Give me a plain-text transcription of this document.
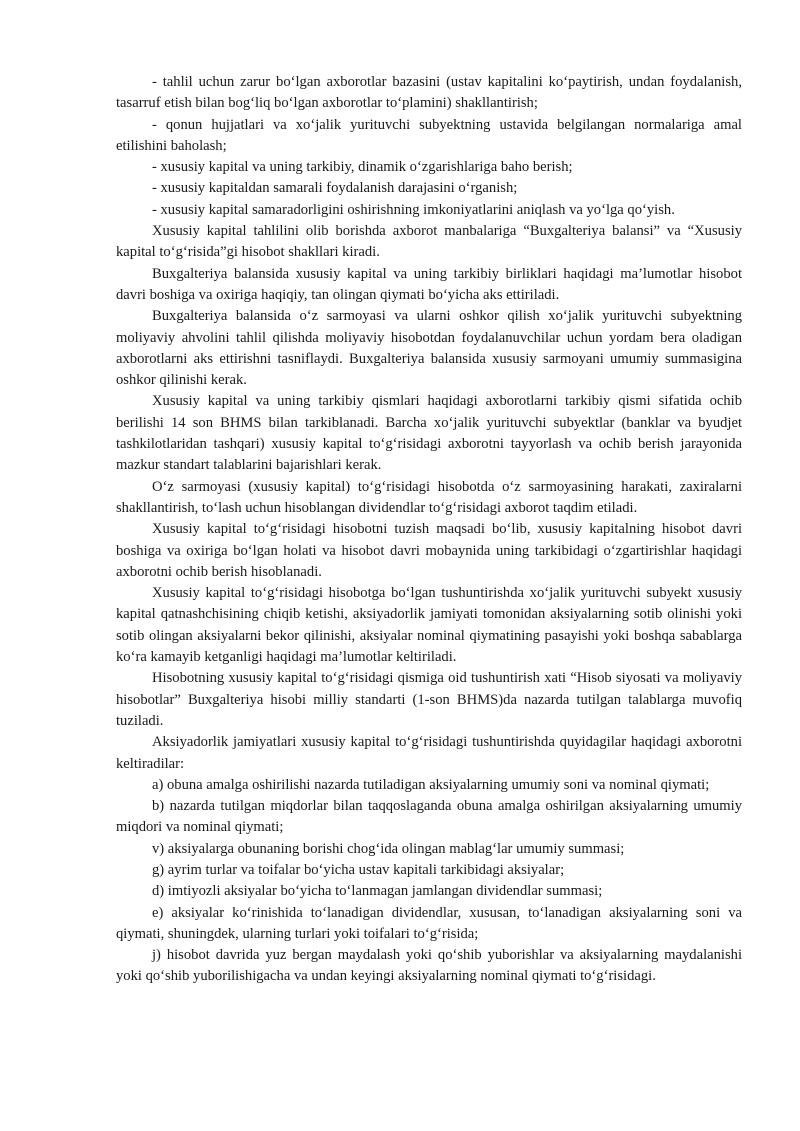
- tahlil uchun zarur bo‘lgan axborotlar bazasini (ustav kapitalini ko‘paytirish, undan foydalanish, tasarruf etish bilan bog‘liq bo‘lgan axborotlar to‘plamini) shakllantirish;

- qonun hujjatlari va xo‘jalik yurituvchi subyektning ustavida belgilangan normalariga amal etilishini baholash;

- xususiy kapital va uning tarkibiy, dinamik o‘zgarishlariga baho berish;

- xususiy kapitaldan samarali foydalanish darajasini o‘rganish;

- xususiy kapital samaradorligini oshirishning imkoniyatlarini aniqlash va yo‘lga qo‘yish.

Xususiy kapital tahlilini olib borishda axborot manbalariga “Buxgalteriya balansi” va “Xususiy kapital to‘g‘risida”gi hisobot shakllari kiradi.

Buxgalteriya balansida xususiy kapital va uning tarkibiy birliklari haqidagi ma’lumotlar hisobot davri boshiga va oxiriga haqiqiy, tan olingan qiymati bo‘yicha aks ettiriladi.

Buxgalteriya balansida o‘z sarmoyasi va ularni oshkor qilish xo‘jalik yurituvchi subyektning moliyaviy ahvolini tahlil qilishda moliyaviy hisobotdan foydalanuvchilar uchun yordam bera oladigan axborotlarni aks ettirishni tasniflaydi. Buxgalteriya balansida xususiy sarmoyani umumiy summasigina oshkor qilinishi kerak.

Xususiy kapital va uning tarkibiy qismlari haqidagi axborotlarni tarkibiy qismi sifatida ochib berilishi 14 son BHMS bilan tarkiblanadi. Barcha xo‘jalik yurituvchi subyektlar (banklar va byudjet tashkilotlaridan tashqari) xususiy kapital to‘g‘risidagi axborotni tayyorlash va ochib berish jarayonida mazkur standart talablarini bajarishlari kerak.

O‘z sarmoyasi (xususiy kapital) to‘g‘risidagi hisobotda o‘z sarmoyasining harakati, zaxiralarni shakllantirish, to‘lash uchun hisoblangan dividendlar to‘g‘risidagi axborot taqdim etiladi.

Xususiy kapital to‘g‘risidagi hisobotni tuzish maqsadi bo‘lib, xususiy kapitalning hisobot davri boshiga va oxiriga bo‘lgan holati va hisobot davri mobaynida uning tarkibidagi o‘zgartirishlar haqidagi axborotni ochib berish hisoblanadi.

Xususiy kapital to‘g‘risidagi hisobotga bo‘lgan tushuntirishda xo‘jalik yurituvchi subyekt xususiy kapital qatnashchisining chiqib ketishi, aksiyadorlik jamiyati tomonidan aksiyalarning sotib olinishi yoki sotib olingan aksiyalarni bekor qilinishi, aksiyalar nominal qiymatining pasayishi yoki boshqa sabablarga ko‘ra kamayib ketganligi haqidagi ma’lumotlar keltiriladi.

Hisobotning xususiy kapital to‘g‘risidagi qismiga oid tushuntirish xati “Hisob siyosati va moliyaviy hisobotlar” Buxgalteriya hisobi milliy standarti (1-son BHMS)da nazarda tutilgan talablarga muvofiq tuziladi.

Aksiyadorlik jamiyatlari xususiy kapital to‘g‘risidagi tushuntirishda quyidagilar haqidagi axborotni keltiradilar:

a) obuna amalga oshirilishi nazarda tutiladigan aksiyalarning umumiy soni va nominal qiymati;

b) nazarda tutilgan miqdorlar bilan taqqoslaganda obuna amalga oshirilgan aksiyalarning umumiy miqdori va nominal qiymati;

v) aksiyalarga obunaning borishi chog‘ida olingan mablag‘lar umumiy summasi;

g) ayrim turlar va toifalar bo‘yicha ustav kapitali tarkibidagi aksiyalar;

d) imtiyozli aksiyalar bo‘yicha to‘lanmagan jamlangan dividendlar summasi;

e) aksiyalar ko‘rinishida to‘lanadigan dividendlar, xususan, to‘lanadigan aksiyalarning soni va qiymati, shuningdek, ularning turlari yoki toifalari to‘g‘risida;

j) hisobot davrida yuz bergan maydalash yoki qo‘shib yuborishlar va aksiyalarning maydalanishi yoki qo‘shib yuborilishigacha va undan keyingi aksiyalarning nominal qiymati to‘g‘risidagi.
